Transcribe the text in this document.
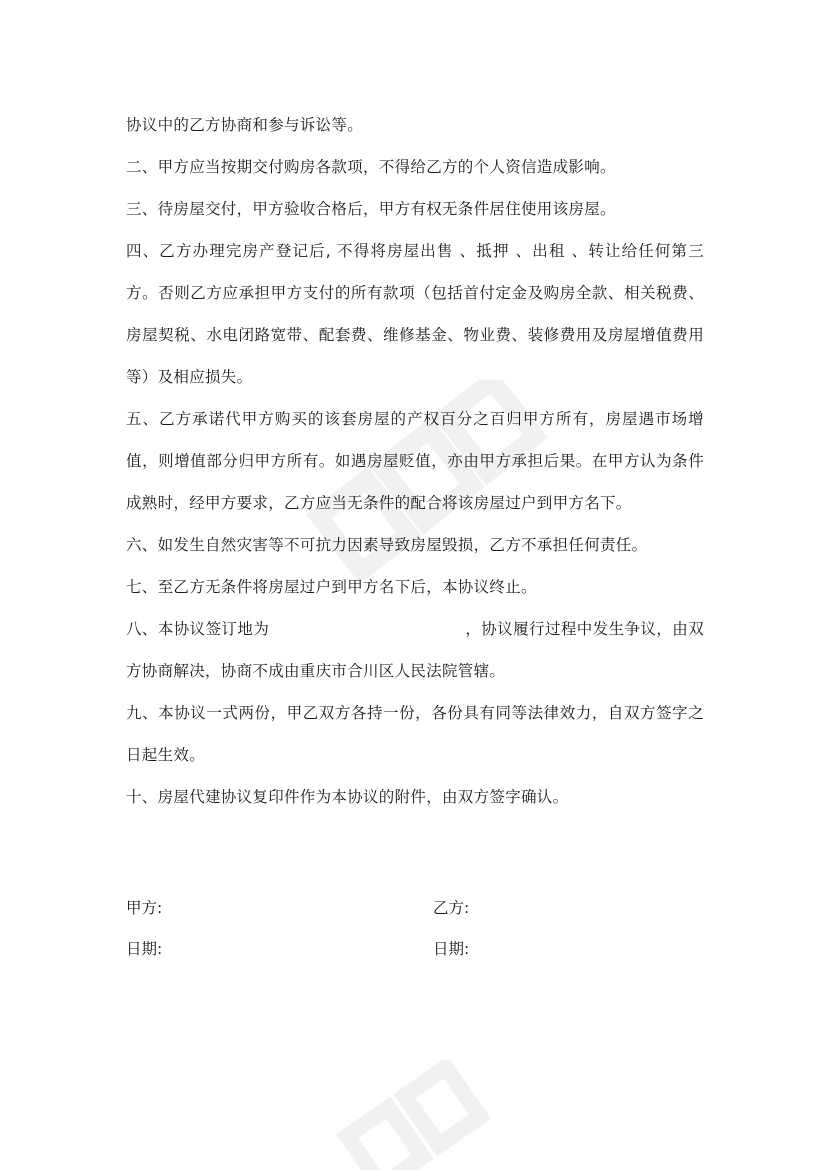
协议中的乙方协商和参与诉讼等。

二、甲方应当按期交付购房各款项，不得给乙方的个人资信造成影响。

三、待房屋交付，甲方验收合格后，甲方有权无条件居住使用该房屋。

四、乙方办理完房产登记后, 不得将房屋出售 、抵押 、出租 、转让给任何第三方。否则乙方应承担甲方支付的所有款项（包括首付定金及购房全款、相关税费、房屋契税、水电闭路宽带、配套费、维修基金、物业费、装修费用及房屋增值费用等）及相应损失。

五、乙方承诺代甲方购买的该套房屋的产权百分之百归甲方所有，房屋遇市场增值，则增值部分归甲方所有。如遇房屋贬值，亦由甲方承担后果。在甲方认为条件成熟时，经甲方要求，乙方应当无条件的配合将该房屋过户到甲方名下。

六、如发生自然灾害等不可抗力因素导致房屋毁损，乙方不承担任何责任。

七、至乙方无条件将房屋过户到甲方名下后，本协议终止。

八、本协议签订地为	，协议履行过程中发生争议，由双方协商解决，协商不成由重庆市合川区人民法院管辖。

九、本协议一式两份，甲乙双方各持一份，各份具有同等法律效力，自双方签字之日起生效。

十、房屋代建协议复印件作为本协议的附件，由双方签字确认。

甲方:	乙方:
日期:	日期:
